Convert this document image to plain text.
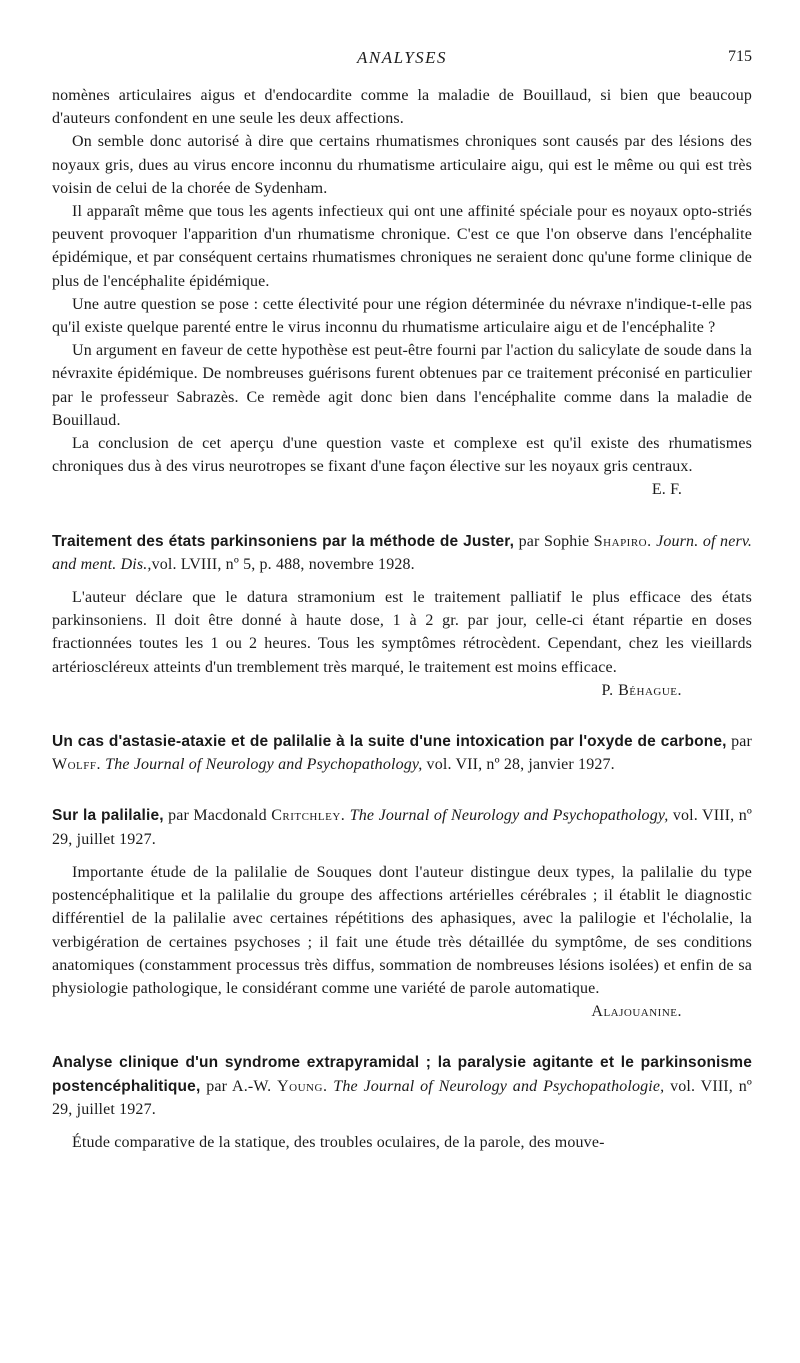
ANALYSES	715

nomènes articulaires aigus et d'endocardite comme la maladie de Bouillaud, si bien que beaucoup d'auteurs confondent en une seule les deux affections.

On semble donc autorisé à dire que certains rhumatismes chroniques sont causés par des lésions des noyaux gris, dues au virus encore inconnu du rhumatisme articulaire aigu, qui est le même ou qui est très voisin de celui de la chorée de Sydenham.

Il apparaît même que tous les agents infectieux qui ont une affinité spéciale pour es noyaux opto-striés peuvent provoquer l'apparition d'un rhumatisme chronique. C'est ce que l'on observe dans l'encéphalite épidémique, et par conséquent certains rhumatismes chroniques ne seraient donc qu'une forme clinique de plus de l'encéphalite épidémique.

Une autre question se pose : cette électivité pour une région déterminée du névraxe n'indique-t-elle pas qu'il existe quelque parenté entre le virus inconnu du rhumatisme articulaire aigu et de l'encéphalite ?

Un argument en faveur de cette hypothèse est peut-être fourni par l'action du salicylate de soude dans la névraxite épidémique. De nombreuses guérisons furent obtenues par ce traitement préconisé en particulier par le professeur Sabrazès. Ce remède agit donc bien dans l'encéphalite comme dans la maladie de Bouillaud.

La conclusion de cet aperçu d'une question vaste et complexe est qu'il existe des rhumatismes chroniques dus à des virus neurotropes se fixant d'une façon élective sur les noyaux gris centraux.
E. F.

Traitement des états parkinsoniens par la méthode de Juster, par Sophie Shapiro. Journ. of nerv. and ment. Dis.,vol. LVIII, nº 5, p. 488, novembre 1928.

L'auteur déclare que le datura stramonium est le traitement palliatif le plus efficace des états parkinsoniens. Il doit être donné à haute dose, 1 à 2 gr. par jour, celle-ci étant répartie en doses fractionnées toutes les 1 ou 2 heures. Tous les symptômes rétrocèdent. Cependant, chez les vieillards artérioscléreux atteints d'un tremblement très marqué, le traitement est moins efficace.
P. Béhague.

Un cas d'astasie-ataxie et de palilalie à la suite d'une intoxication par l'oxyde de carbone, par Wolff. The Journal of Neurology and Psychopathology, vol. VII, nº 28, janvier 1927.

Sur la palilalie, par Macdonald Critchley. The Journal of Neurology and Psychopathology, vol. VIII, nº 29, juillet 1927.

Importante étude de la palilalie de Souques dont l'auteur distingue deux types, la palilalie du type postencéphalitique et la palilalie du groupe des affections artérielles cérébrales ; il établit le diagnostic différentiel de la palilalie avec certaines répétitions des aphasiques, avec la palilogie et l'écholalie, la verbigération de certaines psychoses ; il fait une étude très détaillée du symptôme, de ses conditions anatomiques (constamment processus très diffus, sommation de nombreuses lésions isolées) et enfin de sa physiologie pathologique, le considérant comme une variété de parole automatique.
Alajouanine.

Analyse clinique d'un syndrome extrapyramidal ; la paralysie agitante et le parkinsonisme postencéphalitique, par A.-W. Young. The Journal of Neurology and Psychopathologie, vol. VIII, nº 29, juillet 1927.

Étude comparative de la statique, des troubles oculaires, de la parole, des mouve-
